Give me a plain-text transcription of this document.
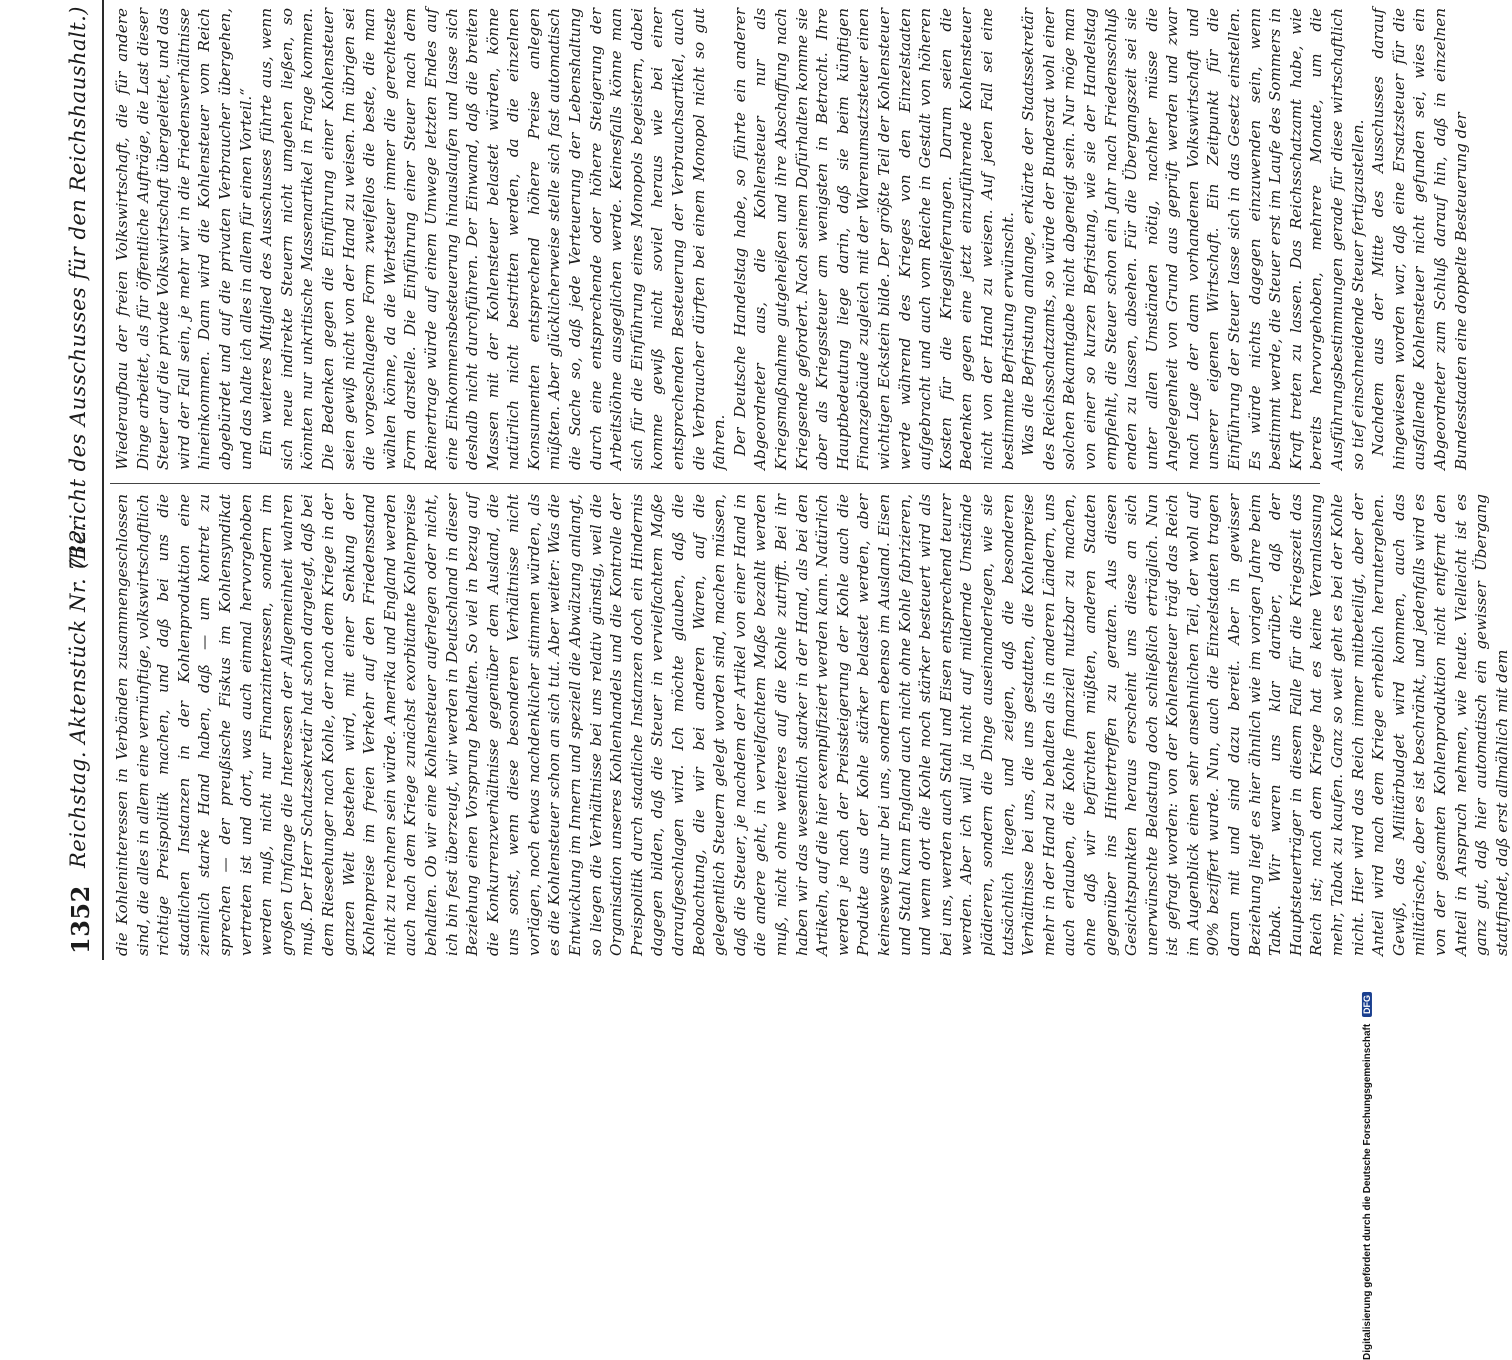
1352
Reichstag. Aktenstück Nr. 712.
(Bericht des Ausschusses für den Reichshaushalt.)

die Kohleninteressen in Verbänden zusammengeschlossen sind, die alles in allem eine vernünftige, volkswirtschaftlich richtige Preispolitik machen, und daß bei uns die staatlichen Instanzen in der Kohlenproduktion eine ziemlich starke Hand haben, daß — um kontret zu sprechen — der preußische Fiskus im Kohlensyndikat vertreten ist und dort, was auch einmal hervorgehoben werden muß, nicht nur Finanzinteressen, sondern im großen Umfange die Interessen der Allgemeinheit wahren muß. Der Herr Schatzsekretär hat schon dargelegt, daß bei dem Rieseehunger nach Kohle, der nach dem Kriege in der ganzen Welt bestehen wird, mit einer Senkung der Kohlenpreise im freien Verkehr auf den Friedensstand nicht zu rechnen sein würde. Amerika und England werden auch nach dem Kriege zunächst exorbitante Kohlenpreise behalten. Ob wir eine Kohlensteuer auferlegen oder nicht, ich bin fest überzeugt, wir werden in Deutschland in dieser Beziehung einen Vorsprung behalten. So viel in bezug auf die Konkurrenzverhältnisse gegenüber dem Ausland, die uns sonst, wenn diese besonderen Verhältnisse nicht vorlägen, noch etwas nachdenklicher stimmen würden, als es die Kohlensteuer schon an sich tut. Aber weiter: Was die Entwicklung im Innern und speziell die Abwälzung anlangt, so liegen die Verhältnisse bei uns relativ günstig, weil die Organisation unseres Kohlenhandels und die Kontrolle der Preispolitik durch staatliche Instanzen doch ein Hindernis dagegen bilden, daß die Steuer in vervielfachtem Maße daraufgeschlagen wird. Ich möchte glauben, daß die Beobachtung, die wir bei anderen Waren, auf die gelegentlich Steuern gelegt worden sind, machen müssen, daß die Steuer, je nachdem der Artikel von einer Hand in die andere geht, in vervielfachtem Maße bezahlt werden muß, nicht ohne weiteres auf die Kohle zutrifft. Bei ihr haben wir das wesentlich starker in der Hand, als bei den Artikeln, auf die hier exemplifiziert werden kann. Natürlich werden je nach der Preissteigerung der Kohle auch die Produkte aus der Kohle stärker belastet werden, aber keineswegs nur bei uns, sondern ebenso im Ausland. Eisen und Stahl kann England auch nicht ohne Kohle fabrizieren, und wenn dort die Kohle noch stärker besteuert wird als bei uns, werden auch Stahl und Eisen entsprechend teurer werden. Aber ich will ja nicht auf mildernde Umstände plädieren, sondern die Dinge auseinanderlegen, wie sie tatsächlich liegen, und zeigen, daß die besonderen Verhältnisse bei uns, die uns gestatten, die Kohlenpreise mehr in der Hand zu behalten als in anderen Ländern, uns auch erlauben, die Kohle finanziell nutzbar zu machen, ohne daß wir befürchten müßten, anderen Staaten gegenüber ins Hintertreffen zu geraten. Aus diesen Gesichtspunkten heraus erscheint uns diese an sich unerwünschte Belastung doch schließlich erträglich. Nun ist gefragt worden: von der Kohlensteuer trägt das Reich im Augenblick einen sehr ansehnlichen Teil, der wohl auf 90% beziffert wurde. Nun, auch die Einzelstaaten tragen daran mit und sind dazu bereit. Aber in gewisser Beziehung liegt es hier ähnlich wie im vorigen Jahre beim Tabak. Wir waren uns klar darüber, daß der Hauptsteuerträger in diesem Falle für die Kriegszeit das Reich ist; nach dem Kriege hat es keine Veranlassung mehr, Tabak zu kaufen. Ganz so weit geht es bei der Kohle nicht. Hier wird das Reich immer mitbeteiligt, aber der Anteil wird nach dem Kriege erheblich heruntergehen. Gewiß, das Militärbudget wird kommen, auch das militärische, aber es ist beschränkt, und jedenfalls wird es von der gesamten Kohlenproduktion nicht entfernt den Anteil in Anspruch nehmen, wie heute. Vielleicht ist es ganz gut, daß hier automatisch ein gewisser Übergang stattfindet, daß erst allmählich mit dem

Wiederaufbau der freien Volkswirtschaft, die für andere Dinge arbeitet, als für öffentliche Aufträge, die Last dieser Steuer auf die private Volkswirtschaft übergeleitet, und das wird der Fall sein, je mehr wir in die Friedensverhältnisse hineinkommen. Dann wird die Kohlensteuer vom Reich abgebürdet und auf die privaten Verbraucher übergehen, und das halte ich alles in allem für einen Vorteil.“ Ein weiteres Mitglied des Ausschusses führte aus, wenn sich neue indirekte Steuern nicht umgehen ließen, so könnten nur unkritische Massenartikel in Frage kommen. Die Bedenken gegen die Einführung einer Kohlensteuer seien gewiß nicht von der Hand zu weisen. Im übrigen sei die vorgeschlagene Form zweifellos die beste, die man wählen könne, da die Wertsteuer immer die gerechteste Form darstelle. Die Einführung einer Steuer nach dem Reinertrage würde auf einem Umwege letzten Endes auf eine Einkommensbesteuerung hinauslaufen und lasse sich deshalb nicht durchführen. Der Einwand, daß die breiten Massen mit der Kohlensteuer belastet würden, könne natürlich nicht bestritten werden, da die einzelnen Konsumenten entsprechend höhere Preise anlegen müßten. Aber glücklicherweise stelle sich fast automatisch die Sache so, daß jede Verteuerung der Lebenshaltung durch eine entsprechende oder höhere Steigerung der Arbeitslöhne ausgeglichen werde. Keinesfalls könne man sich für die Einführung eines Monopols begeistern, dabei komme gewiß nicht soviel heraus wie bei einer entsprechenden Besteuerung der Verbrauchsartikel, auch die Verbraucher dürften bei einem Monopol nicht so gut fahren. Der Deutsche Handelstag habe, so führte ein anderer Abgeordneter aus, die Kohlensteuer nur als Kriegsmaßnahme gutgeheißen und ihre Abschaffung nach Kriegsende gefordert. Nach seinem Dafürhalten komme sie aber als Kriegssteuer am wenigsten in Betracht. Ihre Hauptbedeutung liege darin, daß sie beim künftigen Finanzgebäude zugleich mit der Warenumsatzsteuer einen wichtigen Eckstein bilde. Der größte Teil der Kohlensteuer werde während des Krieges von den Einzelstaaten aufgebracht und auch vom Reiche in Gestalt von höheren Kosten für die Kriegslieferungen. Darum seien die Bedenken gegen eine jetzt einzuführende Kohlensteuer nicht von der Hand zu weisen. Auf jeden Fall sei eine bestimmte Befristung erwünscht. Was die Befristung anlange, erklärte der Staatssekretär des Reichsschatzamts, so würde der Bundesrat wohl einer solchen Bekanntgabe nicht abgeneigt sein. Nur möge man von einer so kurzen Befristung, wie sie der Handelstag empfiehlt, die Steuer schon ein Jahr nach Friedensschluß enden zu lassen, absehen. Für die Übergangszeit sei sie unter allen Umständen nötig, nachher müsse die Angelegenheit von Grund aus geprüft werden und zwar nach Lage der dann vorhandenen Volkswirtschaft und unserer eigenen Wirtschaft. Ein Zeitpunkt für die Einführung der Steuer lasse sich in das Gesetz einstellen. Es würde nichts dagegen einzuwenden sein, wenn bestimmt werde, die Steuer erst im Laufe des Sommers in Kraft treten zu lassen. Das Reichsschatzamt habe, wie bereits hervorgehoben, mehrere Monate, um die Ausführungsbestimmungen gerade für diese wirtschaftlich so tief einschneidende Steuer fertigzustellen. Nachdem aus der Mitte des Ausschusses darauf hingewiesen worden war, daß eine Ersatzsteuer für die ausfallende Kohlensteuer nicht gefunden sei, wies ein Abgeordneter zum Schluß darauf hin, daß in einzelnen Bundesstaaten eine doppelte Besteuerung der

Digitalisierung gefördert durch die Deutsche Forschungsgemeinschaft DFG
